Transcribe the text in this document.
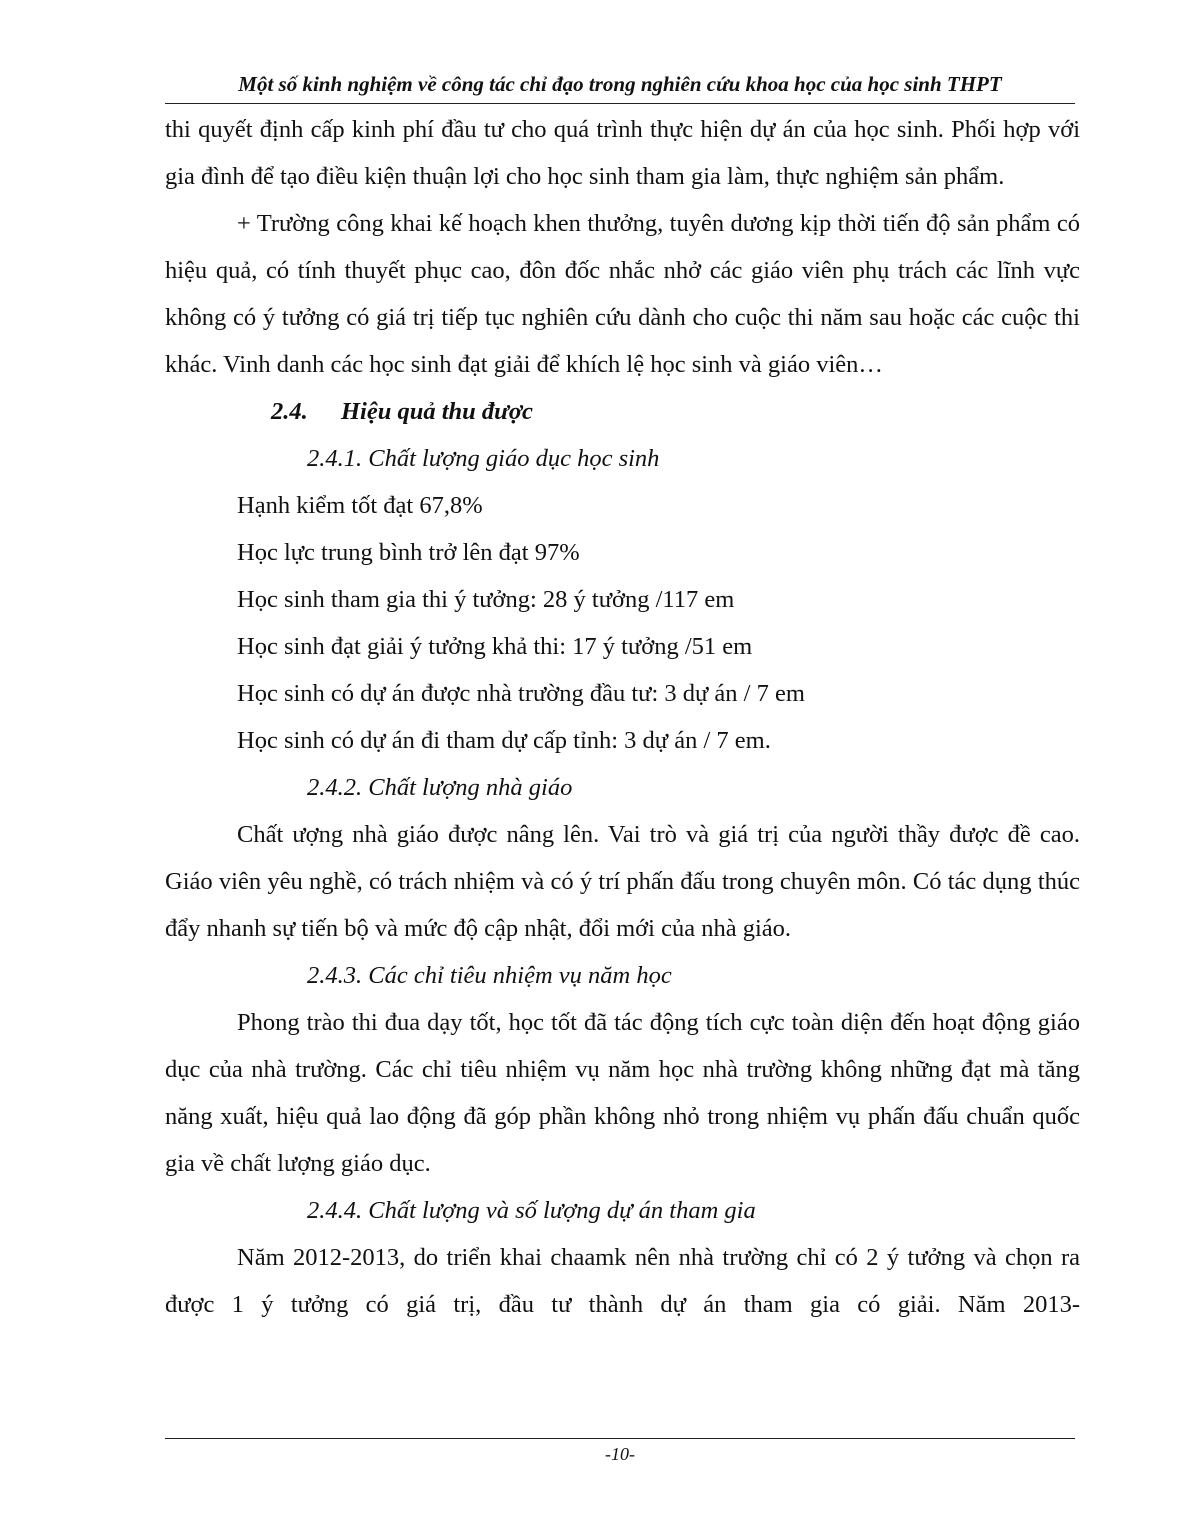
Một số kinh nghiệm về công tác chỉ đạo trong nghiên cứu khoa học của học sinh THPT

thi quyết định cấp kinh phí đầu tư cho quá trình thực hiện dự án của học sinh. Phối hợp với gia đình để tạo điều kiện thuận lợi cho học sinh tham gia làm, thực nghiệm sản phẩm.

+ Trường công khai kế hoạch khen thưởng, tuyên dương kịp thời tiến độ sản phẩm có hiệu quả, có tính thuyết phục cao, đôn đốc nhắc nhở các giáo viên phụ trách các lĩnh vực không có ý tưởng có giá trị tiếp tục nghiên cứu dành cho cuộc thi năm sau hoặc các cuộc thi khác. Vinh danh các học sinh đạt giải để khích lệ học sinh và giáo viên…

2.4. Hiệu quả thu được
2.4.1. Chất lượng giáo dục học sinh

Hạnh kiểm tốt đạt 67,8%

Học lực trung bình trở lên đạt 97%

Học sinh tham gia thi ý tưởng: 28 ý tưởng /117 em

Học sinh đạt giải ý tưởng khả thi: 17 ý tưởng /51 em

Học sinh có dự án được nhà trường đầu tư: 3 dự án / 7 em

Học sinh có dự án đi tham dự cấp tỉnh: 3 dự án / 7 em.

2.4.2. Chất lượng nhà giáo

Chất ượng nhà giáo được nâng lên. Vai trò và giá trị của người thầy được đề cao. Giáo viên yêu nghề, có trách nhiệm và có ý trí phấn đấu trong chuyên môn. Có tác dụng thúc đẩy nhanh sự tiến bộ và mức độ cập nhật, đổi mới của nhà giáo.

2.4.3. Các chỉ tiêu nhiệm vụ năm học

Phong trào thi đua dạy tốt, học tốt đã tác động tích cực toàn diện đến hoạt động giáo dục của nhà trường. Các chỉ tiêu nhiệm vụ năm học nhà trường không những đạt mà tăng năng xuất, hiệu quả lao động đã góp phần không nhỏ trong nhiệm vụ phấn đấu chuẩn quốc gia về chất lượng giáo dục.

2.4.4. Chất lượng và số lượng dự án tham gia

Năm 2012-2013, do triển khai chaamk nên nhà trường chỉ có 2 ý tưởng và chọn ra được 1 ý tưởng có giá trị, đầu tư thành dự án tham gia có giải. Năm 2013-

-10-
